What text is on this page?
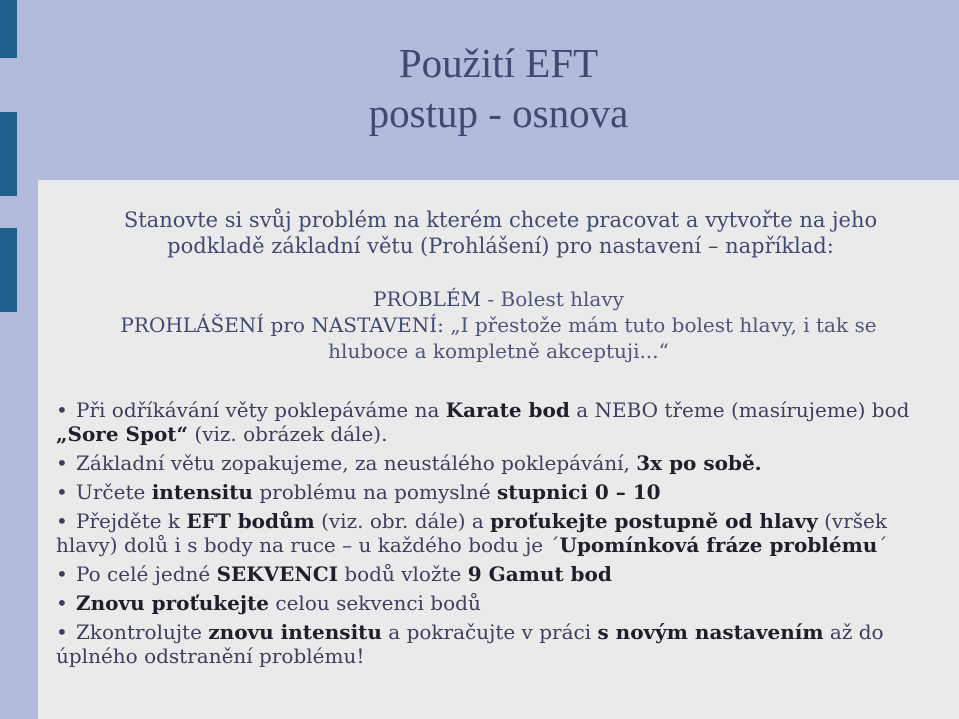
Použití EFT
postup - osnova
Stanovte si svůj problém na kterém chcete pracovat a vytvořte na jeho podkladě základní větu (Prohlášení) pro nastavení – například:
PROBLÉM - Bolest hlavy
PROHLÁŠENÍ pro NASTAVENÍ: „I přestože mám tuto bolest hlavy, i tak se
hluboce a kompletně akceptuji...“
• Při odříkávání věty poklepáváme na Karate bod a NEBO třeme (masírujeme) bod „Sore Spot“ (viz. obrázek dále).
• Základní větu zopakujeme, za neustálého poklepávání, 3x po sobě.
• Určete intensitu problému na pomyslné stupnici 0 – 10
• Přejděte k EFT bodům (viz. obr. dále) a proťukejte postupně od hlavy (vršek hlavy) dolů i s body na ruce – u každého bodu je ´Upomínková fráze problému´
• Po celé jedné SEKVENCI bodů vložte 9 Gamut bod
• Znovu proťukejte celou sekvenci bodů
• Zkontrolujte znovu intensitu a pokračujte v práci s novým nastavením až do úplného odstranění problému!
